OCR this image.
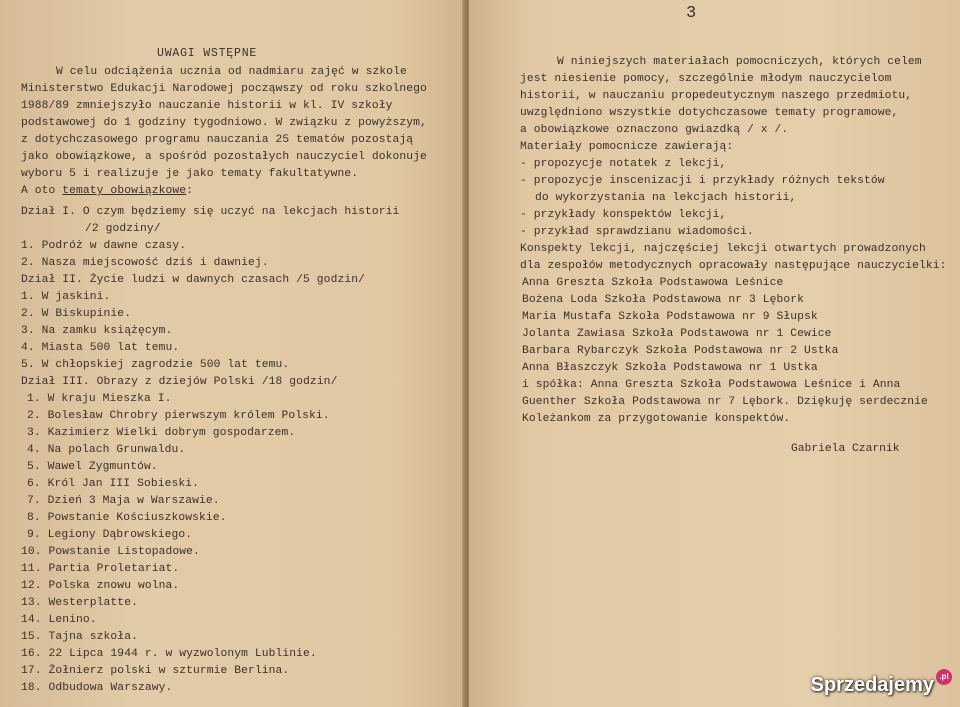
UWAGI WSTĘPNE
W celu odciążenia ucznia od nadmiaru zajęć w szkole
Ministerstwo Edukacji Narodowej począwszy od roku szkolnego
1988/89 zmniejszyło nauczanie historii w kl. IV szkoły
podstawowej do 1 godziny tygodniowo. W związku z powyższym,
z dotychczasowego programu nauczania 25 tematów pozostają
jako obowiązkowe, a spośród pozostałych nauczyciel dokonuje
wyboru 5 i realizuje je jako tematy fakultatywne.
A oto tematy obowiązkowe:
Dział I. O czym będziemy się uczyć na lekcjach historii
/2 godziny/
1. Podróż w dawne czasy.
2. Nasza miejscowość dziś i dawniej.
Dział II. Życie ludzi w dawnych czasach /5 godzin/
1. W jaskini.
2. W Biskupinie.
3. Na zamku książęcym.
4. Miasta 500 lat temu.
5. W chłopskiej zagrodzie 500 lat temu.
Dział III. Obrazy z dziejów Polski /18 godzin/
1. W kraju Mieszka I.
2. Bolesław Chrobry pierwszym królem Polski.
3. Kazimierz Wielki dobrym gospodarzem.
4. Na polach Grunwaldu.
5. Wawel Zygmuntów.
6. Król Jan III Sobieski.
7. Dzień 3 Maja w Warszawie.
8. Powstanie Kościuszkowskie.
9. Legiony Dąbrowskiego.
10. Powstanie Listopadowe.
11. Partia Proletariat.
12. Polska znowu wolna.
13. Westerplatte.
14. Lenino.
15. Tajna szkoła.
16. 22 Lipca 1944 r. w wyzwolonym Lublinie.
17. Żołnierz polski w szturmie Berlina.
18. Odbudowa Warszawy.
3
W niniejszych materiałach pomocniczych, których celem
jest niesienie pomocy, szczególnie młodym nauczycielom
historii, w nauczaniu propedeutycznym naszego przedmiotu,
uwzględniono wszystkie dotychczasowe tematy programowe,
a obowiązkowe oznaczono gwiazdką / x /.
Materiały pomocnicze zawierają:
- propozycje notatek z lekcji,
- propozycje inscenizacji i przykłady różnych tekstów
do wykorzystania na lekcjach historii,
- przykłady konspektów lekcji,
- przykład sprawdzianu wiadomości.
Konspekty lekcji, najczęściej lekcji otwartych prowadzonych
dla zespołów metodycznych opracowały następujące nauczycielki:
Anna Greszta Szkoła Podstawowa Leśnice
Bożena Loda Szkoła Podstawowa nr 3 Lębork
Maria Mustafa Szkoła Podstawowa nr 9 Słupsk
Jolanta Zawiasa Szkoła Podstawowa nr 1 Cewice
Barbara Rybarczyk Szkoła Podstawowa nr 2 Ustka
Anna Błaszczyk Szkoła Podstawowa nr 1 Ustka
i spółka: Anna Greszta Szkoła Podstawowa Leśnice i Anna
Guenther Szkoła Podstawowa nr 7 Lębork. Dziękuję serdecznie
Koleżankom za przygotowanie konspektów.
Gabriela Czarnik
Sprzedajemy .pl
